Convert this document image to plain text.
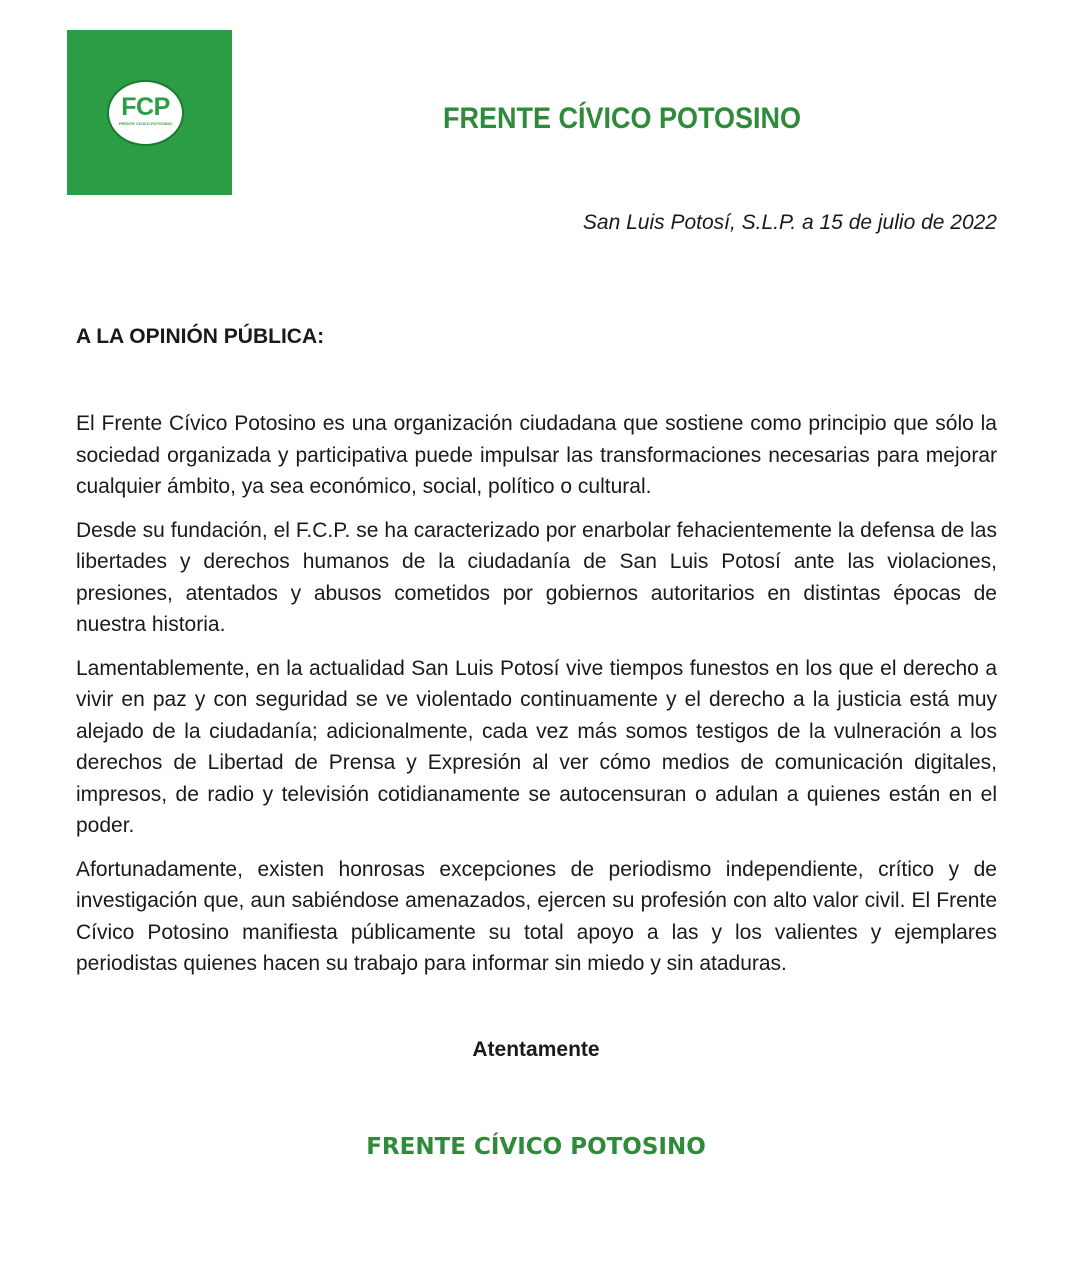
FCP
FRENTE CIVICO POTOSINO	FRENTE CÍVICO POTOSINO
San Luis Potosí, S.L.P. a 15 de julio de 2022
A LA OPINIÓN PÚBLICA:

El Frente Cívico Potosino es una organización ciudadana que sostiene como principio que sólo la sociedad organizada y participativa puede impulsar las transformaciones necesarias para mejorar cualquier ámbito, ya sea económico, social, político o cultural.

Desde su fundación, el F.C.P. se ha caracterizado por enarbolar fehacientemente la defensa de las libertades y derechos humanos de la ciudadanía de San Luis Potosí ante las violaciones, presiones, atentados y abusos cometidos por gobiernos autoritarios en distintas épocas de nuestra historia.

Lamentablemente, en la actualidad San Luis Potosí vive tiempos funestos en los que el derecho a vivir en paz y con seguridad se ve violentado continuamente y el derecho a la justicia está muy alejado de la ciudadanía; adicionalmente, cada vez más somos testigos de la vulneración a los derechos de Libertad de Prensa y Expresión al ver cómo medios de comunicación digitales, impresos, de radio y televisión cotidianamente se autocensuran o adulan a quienes están en el poder.

Afortunadamente, existen honrosas excepciones de periodismo independiente, crítico y de investigación que, aun sabiéndose amenazados, ejercen su profesión con alto valor civil. El Frente Cívico Potosino manifiesta públicamente su total apoyo a las y los valientes y ejemplares periodistas quienes hacen su trabajo para informar sin miedo y sin ataduras.

Atentamente
FRENTE CÍVICO POTOSINO
